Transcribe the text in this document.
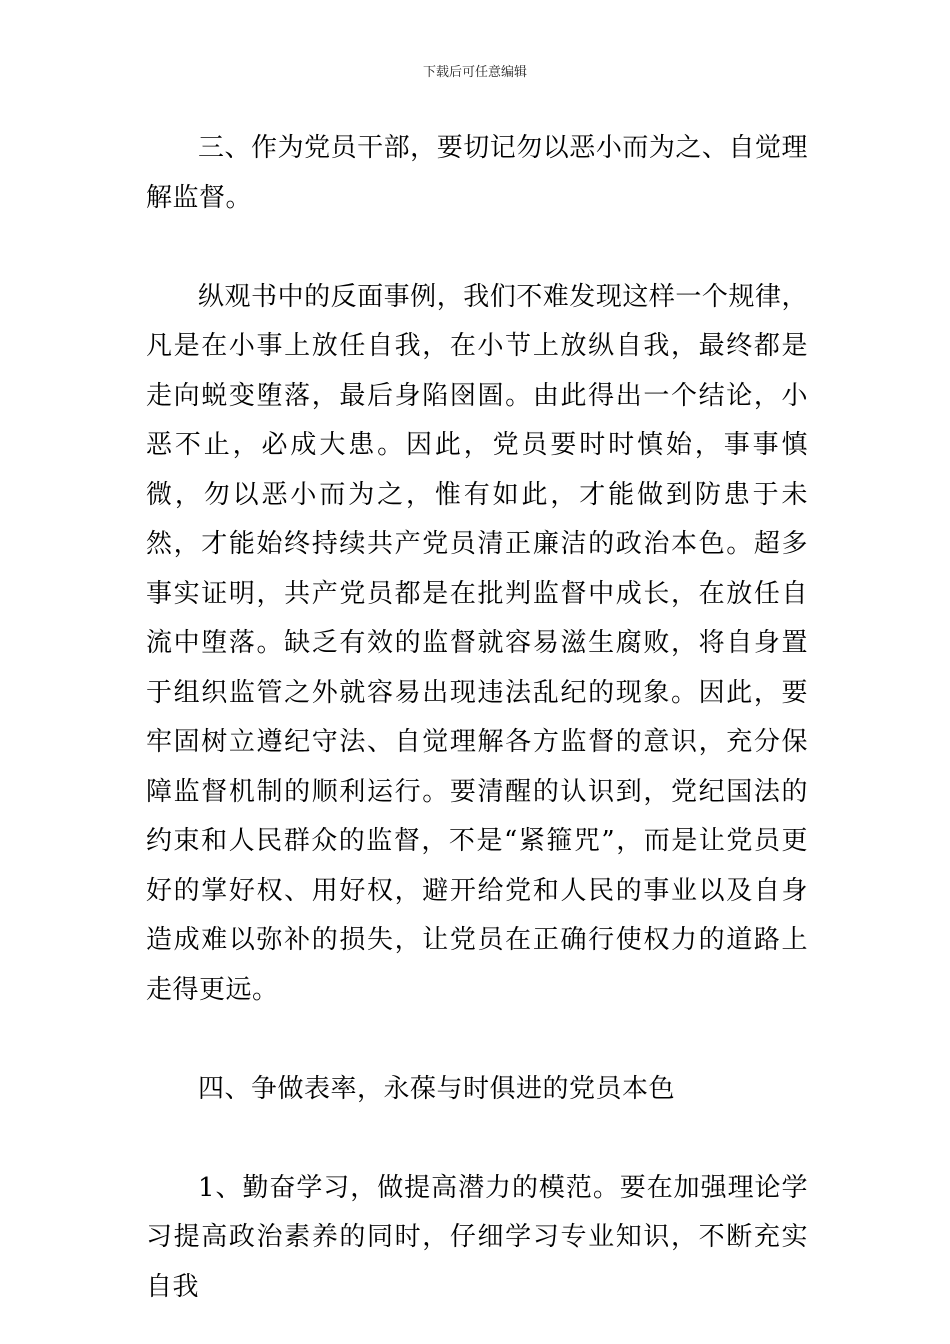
下载后可任意编辑

三、作为党员干部，要切记勿以恶小而为之、自觉理解监督。

纵观书中的反面事例，我们不难发现这样一个规律，凡是在小事上放任自我，在小节上放纵自我，最终都是走向蜕变堕落，最后身陷囹圄。由此得出一个结论，小恶不止，必成大患。因此，党员要时时慎始，事事慎微，勿以恶小而为之，惟有如此，才能做到防患于未然，才能始终持续共产党员清正廉洁的政治本色。超多事实证明，共产党员都是在批判监督中成长，在放任自流中堕落。缺乏有效的监督就容易滋生腐败，将自身置于组织监管之外就容易出现违法乱纪的现象。因此，要牢固树立遵纪守法、自觉理解各方监督的意识，充分保障监督机制的顺利运行。要清醒的认识到，党纪国法的约束和人民群众的监督，不是“紧箍咒”，而是让党员更好的掌好权、用好权，避开给党和人民的事业以及自身造成难以弥补的损失，让党员在正确行使权力的道路上走得更远。

四、争做表率，永葆与时俱进的党员本色

1、勤奋学习，做提高潜力的模范。要在加强理论学习提高政治素养的同时，仔细学习专业知识，不断充实自我
